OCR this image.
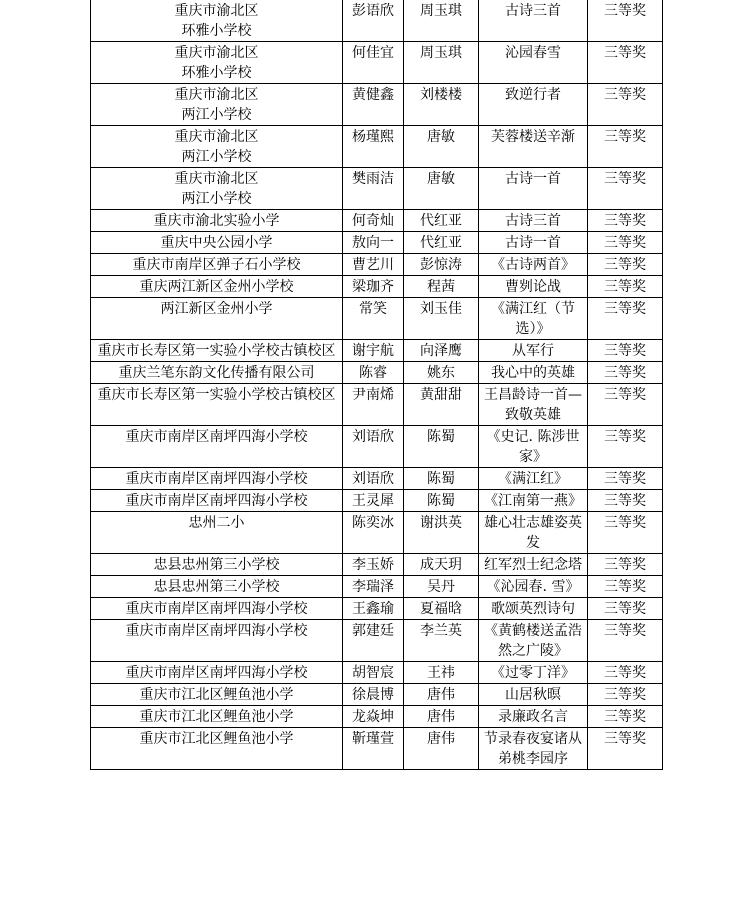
重庆市渝北区
环雅小学校	彭语欣	周玉琪	古诗三首	三等奖

重庆市渝北区
环雅小学校	何佳宜	周玉琪	沁园春雪	三等奖

重庆市渝北区
两江小学校	黄健鑫	刘楼楼	致逆行者	三等奖

重庆市渝北区
两江小学校	杨瑾熙	唐敏	芙蓉楼送辛渐	三等奖

重庆市渝北区
两江小学校	樊雨洁	唐敏	古诗一首	三等奖

重庆市渝北实验小学	何奇灿	代红亚	古诗三首	三等奖

重庆中央公园小学	敖向一	代红亚	古诗一首	三等奖

重庆市南岸区弹子石小学校	曹艺川	彭惊涛	《古诗两首》	三等奖

重庆两江新区金州小学校	梁珈齐	程茜	曹刿论战	三等奖

两江新区金州小学	常笑	刘玉佳	《满江红（节选）》	三等奖

重庆市长寿区第一实验小学校古镇校区	谢宇航	向泽鹰	从军行	三等奖

重庆兰笔东韵文化传播有限公司	陈睿	姚东	我心中的英雄	三等奖

重庆市长寿区第一实验小学校古镇校区	尹南烯	黄甜甜	王昌龄诗一首—致敬英雄	三等奖

重庆市南岸区南坪四海小学校	刘语欣	陈蜀	《史记. 陈涉世家》	三等奖

重庆市南岸区南坪四海小学校	刘语欣	陈蜀	《满江红》	三等奖

重庆市南岸区南坪四海小学校	王灵犀	陈蜀	《江南第一燕》	三等奖

忠州二小	陈奕冰	谢洪英	雄心壮志雄姿英发	三等奖

忠县忠州第三小学校	李玉娇	成天玥	红军烈士纪念塔	三等奖

忠县忠州第三小学校	李瑞泽	吴丹	《沁园春. 雪》	三等奖

重庆市南岸区南坪四海小学校	王鑫瑜	夏福晗	歌颂英烈诗句	三等奖

重庆市南岸区南坪四海小学校	郭建廷	李兰英	《黄鹤楼送孟浩然之广陵》	三等奖

重庆市南岸区南坪四海小学校	胡智宸	王祎	《过零丁洋》	三等奖

重庆市江北区鲤鱼池小学	徐晨博	唐伟	山居秋暝	三等奖

重庆市江北区鲤鱼池小学	龙焱坤	唐伟	录廉政名言	三等奖

重庆市江北区鲤鱼池小学	靳瑾萱	唐伟	节录春夜宴诸从弟桃李园序	三等奖
